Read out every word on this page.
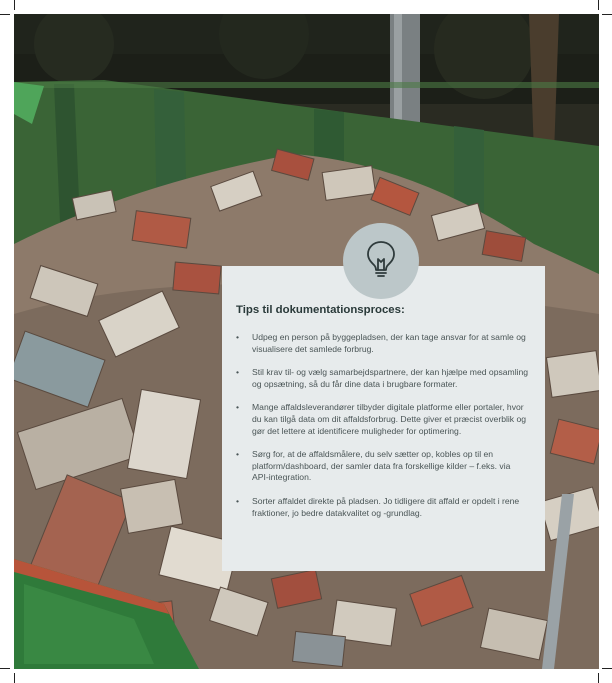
Tips til dokumentationsproces:
• Udpeg en person på byggepladsen, der kan tage ansvar for at samle og visualisere det samlede forbrug.
• Stil krav til- og vælg samarbejdspartnere, der kan hjælpe med opsamling og opsætning, så du får dine data i brugbare formater.
• Mange affaldsleverandører tilbyder digitale platforme eller portaler, hvor du kan tilgå data om dit affaldsforbrug. Dette giver et præcist overblik og gør det lettere at identificere muligheder for optimering.
• Sørg for, at de affaldsmålere, du selv sætter op, kobles op til en platform/dashboard, der samler data fra forskellige kilder – f.eks. via API-integration.
• Sorter affaldet direkte på pladsen. Jo tidligere dit affald er opdelt i rene fraktioner, jo bedre datakvalitet og -grundlag.
